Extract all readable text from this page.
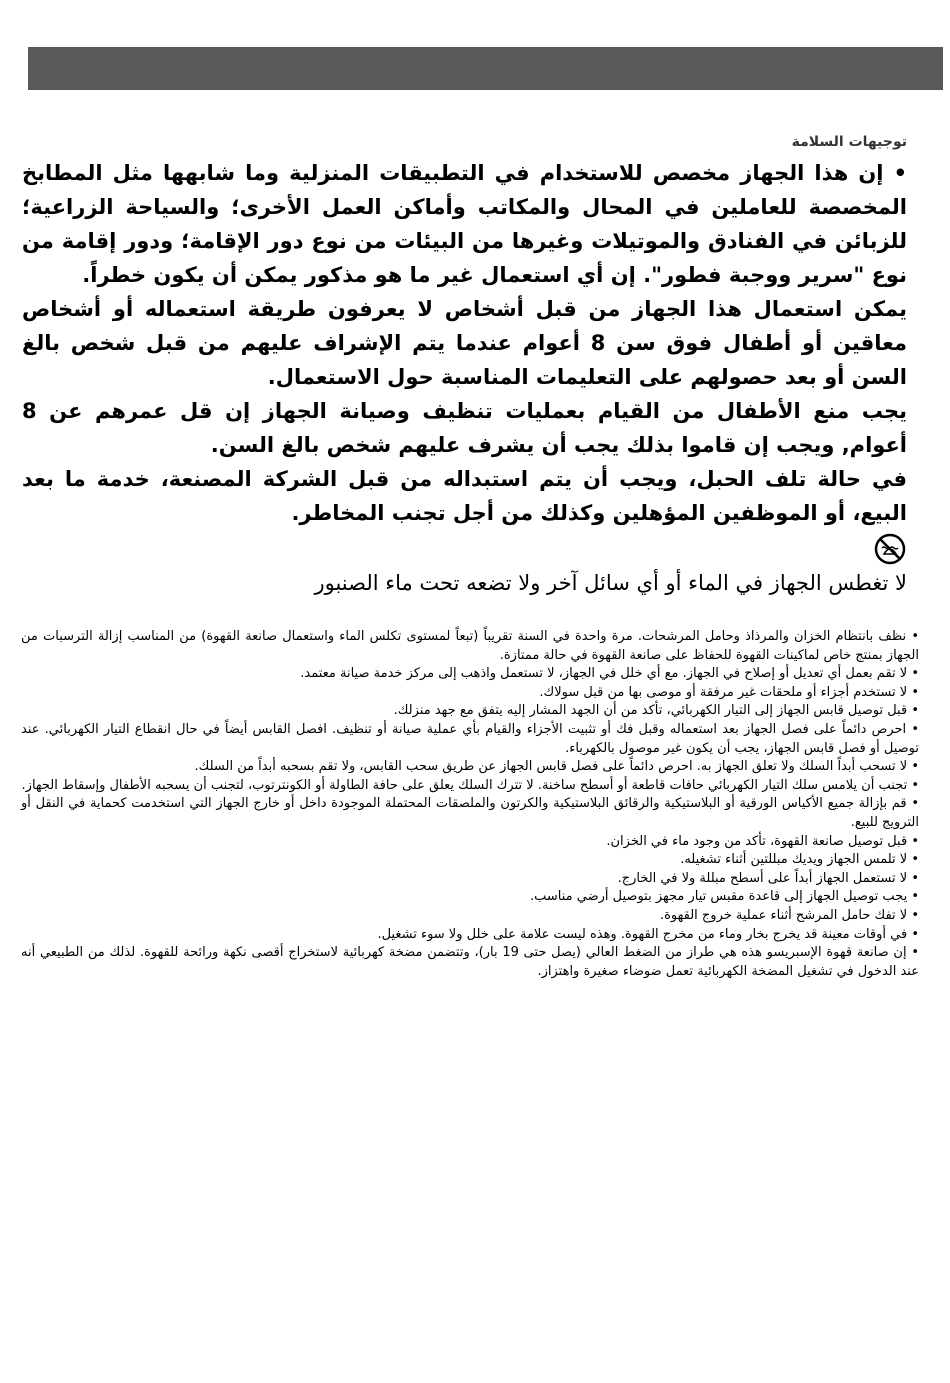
توجيهات السلامة

• إن هذا الجهاز مخصص للاستخدام في التطبيقات المنزلية وما شابهها مثل المطابخ المخصصة للعاملين في المحال والمكاتب وأماكن العمل الأخرى؛ والسياحة الزراعية؛ للزبائن في الفنادق والموتيلات وغيرها من البيئات من نوع دور الإقامة؛ ودور إقامة من نوع "سرير ووجبة فطور". إن أي استعمال غير ما هو مذكور يمكن أن يكون خطراً.

يمكن استعمال هذا الجهاز من قبل أشخاص لا يعرفون طريقة استعماله أو أشخاص معاقين أو أطفال فوق سن 8 أعوام عندما يتم الإشراف عليهم من قبل شخص بالغ السن أو بعد حصولهم على التعليمات المناسبة حول الاستعمال.

يجب منع الأطفال من القيام بعمليات تنظيف وصيانة الجهاز إن قل عمرهم عن 8 أعوام, ويجب إن قاموا بذلك يجب أن يشرف عليهم شخص بالغ السن.

في حالة تلف الحبل، ويجب أن يتم استبداله من قبل الشركة المصنعة، خدمة ما بعد البيع، أو الموظفين المؤهلين وكذلك من أجل تجنب المخاطر.

لا تغطس الجهاز في الماء أو أي سائل آخر ولا تضعه تحت ماء الصنبور

• نظف بانتظام الخزان والمرذاذ وحامل المرشحات. مرة واحدة في السنة تقريباً (تبعاً لمستوى تكلس الماء واستعمال صانعة القهوة) من المناسب إزالة الترسبات من الجهاز بمنتج خاص لماكينات القهوة للحفاظ على صانعة القهوة في حالة ممتازة.

• لا تقم بعمل أي تعديل أو إصلاح في الجهاز. مع أي خلل في الجهاز، لا تستعمل واذهب إلى مركز خدمة صيانة معتمد.

• لا تستخدم أجزاء أو ملحقات غير مرفقة أو موصى بها من قبل سولاك.

• قبل توصيل قابس الجهاز إلى التيار الكهربائي، تأكد من أن الجهد المشار إليه يتفق مع جهد منزلك.

• احرص دائماً على فصل الجهاز بعد استعماله وقبل فك أو تثبيت الأجزاء والقيام بأي عملية صيانة أو تنظيف. افصل القابس أيضاً في حال انقطاع التيار الكهربائي. عند توصيل أو فصل قابس الجهاز، يجب أن يكون غير موصول بالكهرباء.

• لا تسحب أبداً السلك ولا تعلق الجهاز به. احرص دائماً على فصل قابس الجهاز عن طريق سحب القابس، ولا تقم بسحبه أبداً من السلك.

• تجنب أن يلامس سلك التيار الكهربائي حافات قاطعة أو أسطح ساخنة. لا تترك السلك يعلق على حافة الطاولة أو الكونترتوب، لتجنب أن يسحبه الأطفال وإسقاط الجهاز.

• قم بإزالة جميع الأكياس الورقية أو البلاستيكية والرقائق البلاستيكية والكرتون والملصقات المحتملة الموجودة داخل أو خارج الجهاز التي استخدمت كحماية في النقل أو الترويج للبيع.

• قبل توصيل صانعة القهوة، تأكد من وجود ماء في الخزان.

• لا تلمس الجهاز ويديك مبللتين أثناء تشغيله.

• لا تستعمل الجهاز أبداً على أسطح مبللة ولا في الخارج.

• يجب توصيل الجهاز إلى قاعدة مقبس تيار مجهز بتوصيل أرضي مناسب.

• لا تفك حامل المرشح أثناء عملية خروج القهوة.

• في أوقات معينة قد يخرج بخار وماء من مخرج القهوة. وهذه ليست علامة على خلل ولا سوء تشغيل.

• إن صانعة قهوة الإسبريسو هذه هي طراز من الضغط العالي (يصل حتى 19 بار)، وتتضمن مضخة كهربائية لاستخراج أقصى نكهة ورائحة للقهوة. لذلك من الطبيعي أنه عند الدخول في تشغيل المضخة الكهربائية تعمل ضوضاء صغيرة واهتزاز.
